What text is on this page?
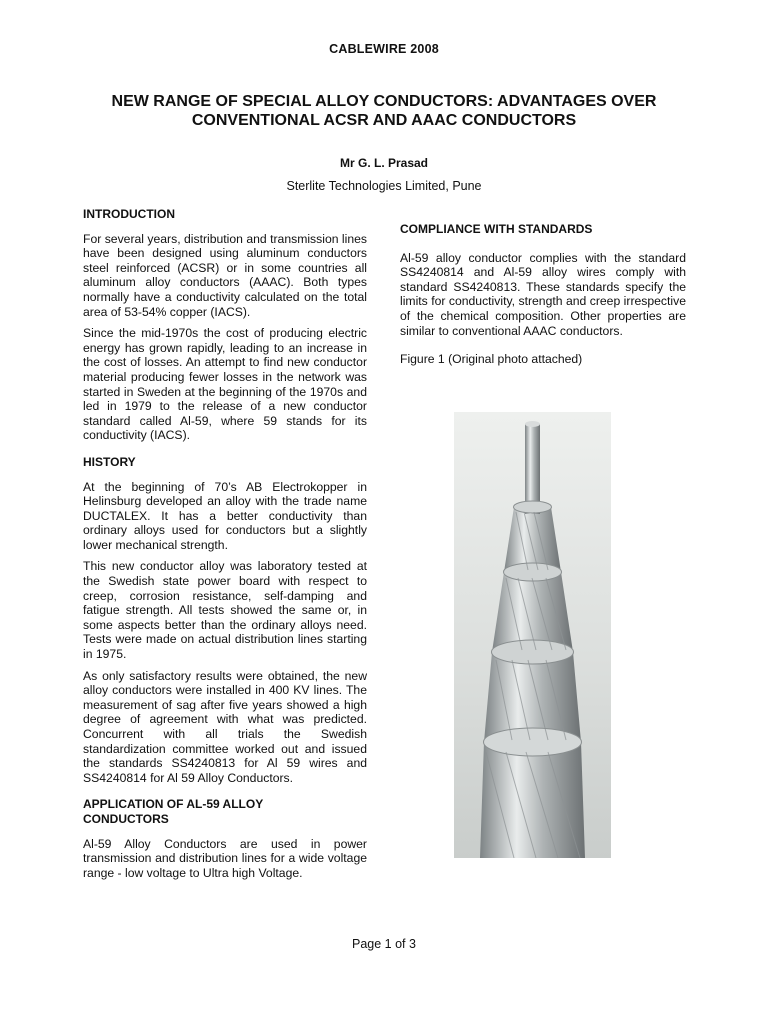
CABLEWIRE 2008
NEW RANGE OF SPECIAL ALLOY CONDUCTORS: ADVANTAGES OVER CONVENTIONAL ACSR AND AAAC CONDUCTORS
Mr G. L. Prasad
Sterlite Technologies Limited, Pune
INTRODUCTION

For several years, distribution and transmission lines have been designed using aluminum conductors steel reinforced (ACSR) or in some countries all aluminum alloy conductors (AAAC). Both types normally have a conductivity calculated on the total area of 53-54% copper (IACS).

Since the mid-1970s the cost of producing electric energy has grown rapidly, leading to an increase in the cost of losses. An attempt to find new conductor material producing fewer losses in the network was started in Sweden at the beginning of the 1970s and led in 1979 to the release of a new conductor standard called Al-59, where 59 stands for its conductivity (IACS).

HISTORY

At the beginning of 70’s AB Electrokopper in Helinsburg developed an alloy with the trade name DUCTALEX. It has a better conductivity than ordinary alloys used for conductors but a slightly lower mechanical strength.

This new conductor alloy was laboratory tested at the Swedish state power board with respect to creep, corrosion resistance, self-damping and fatigue strength. All tests showed the same or, in some aspects better than the ordinary alloys need. Tests were made on actual distribution lines starting in 1975.

As only satisfactory results were obtained, the new alloy conductors were installed in 400 KV lines. The measurement of sag after five years showed a high degree of agreement with what was predicted. Concurrent with all trials the Swedish standardization committee worked out and issued the standards SS4240813 for Al 59 wires and SS4240814 for Al 59 Alloy Conductors.

APPLICATION OF AL-59 ALLOY CONDUCTORS

Al-59 Alloy Conductors are used in power transmission and distribution lines for a wide voltage range - low voltage to Ultra high Voltage.

COMPLIANCE WITH STANDARDS

Al-59 alloy conductor complies with the standard SS4240814 and Al-59 alloy wires comply with standard SS4240813. These standards specify the limits for conductivity, strength and creep irrespective of the chemical composition. Other properties are similar to conventional AAAC conductors.

Figure 1 (Original photo attached)

Page 1 of 3
